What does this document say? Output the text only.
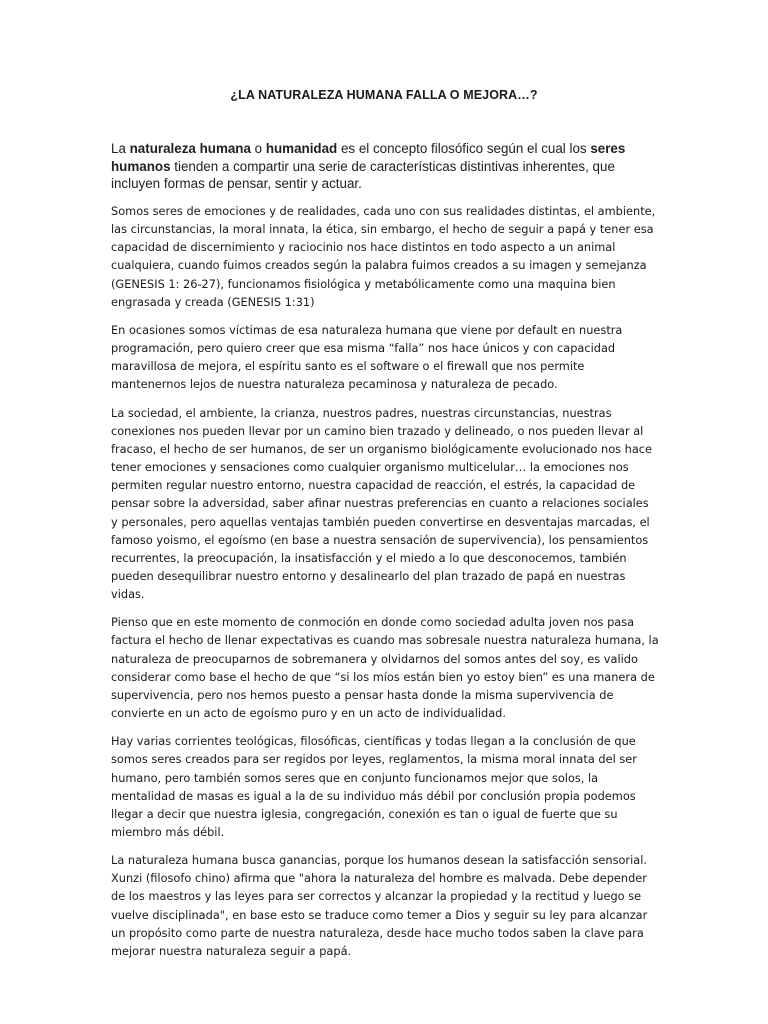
¿LA NATURALEZA HUMANA FALLA O MEJORA…?
La naturaleza humana o humanidad es el concepto filosófico según el cual los seres humanos tienden a compartir una serie de características distintivas inherentes, que incluyen formas de pensar, sentir y actuar.

Somos seres de emociones y de realidades, cada uno con sus realidades distintas, el ambiente, las circunstancias, la moral innata, la ética, sin embargo, el hecho de seguir a papá y tener esa capacidad de discernimiento y raciocinio nos hace distintos en todo aspecto a un animal cualquiera, cuando fuimos creados según la palabra fuimos creados a su imagen y semejanza (GENESIS 1: 26-27), funcionamos fisiológica y metabólicamente como una maquina bien engrasada y creada (GENESIS 1:31)

En ocasiones somos víctimas de esa naturaleza humana que viene por default en nuestra programación, pero quiero creer que esa misma “falla” nos hace únicos y con capacidad maravillosa de mejora, el espíritu santo es el software o el firewall que nos permite mantenernos lejos de nuestra naturaleza pecaminosa y naturaleza de pecado.

La sociedad, el ambiente, la crianza, nuestros padres, nuestras circunstancias, nuestras conexiones nos pueden llevar por un camino bien trazado y delineado, o nos pueden llevar al fracaso, el hecho de ser humanos, de ser un organismo biológicamente evolucionado nos hace tener emociones y sensaciones como cualquier organismo multicelular… la emociones nos permiten regular nuestro entorno, nuestra capacidad de reacción, el estrés, la capacidad de pensar sobre la adversidad, saber afinar nuestras preferencias en cuanto a relaciones sociales y personales, pero aquellas ventajas también pueden convertirse en desventajas marcadas, el famoso yoismo, el egoísmo (en base a nuestra sensación de supervivencia), los pensamientos recurrentes, la preocupación, la insatisfacción y el miedo a lo que desconocemos, también pueden desequilibrar nuestro entorno y desalinearlo del plan trazado de papá en nuestras vidas.

Pienso que en este momento de conmoción en donde como sociedad adulta joven nos pasa factura el hecho de llenar expectativas es cuando mas sobresale nuestra naturaleza humana, la naturaleza de preocuparnos de sobremanera y olvidarnos del somos antes del soy, es valido considerar como base el hecho de que “si los míos están bien yo estoy bien” es una manera de supervivencia, pero nos hemos puesto a pensar hasta donde la misma supervivencia de convierte en un acto de egoísmo puro y en un acto de individualidad.

Hay varias corrientes teológicas, filosóficas, científicas y todas llegan a la conclusión de que somos seres creados para ser regidos por leyes, reglamentos, la misma moral innata del ser humano, pero también somos seres que en conjunto funcionamos mejor que solos, la mentalidad de masas es igual a la de su individuo más débil por conclusión propia podemos llegar a decir que nuestra iglesia, congregación, conexión es tan o igual de fuerte que su miembro más débil.

La naturaleza humana busca ganancias, porque los humanos desean la satisfacción sensorial. Xunzi (filosofo chino) afirma que "ahora la naturaleza del hombre es malvada. Debe depender de los maestros y las leyes para ser correctos y alcanzar la propiedad y la rectitud y luego se vuelve disciplinada", en base esto se traduce como temer a Dios y seguir su ley para alcanzar un propósito como parte de nuestra naturaleza, desde hace mucho todos saben la clave para mejorar nuestra naturaleza seguir a papá.
